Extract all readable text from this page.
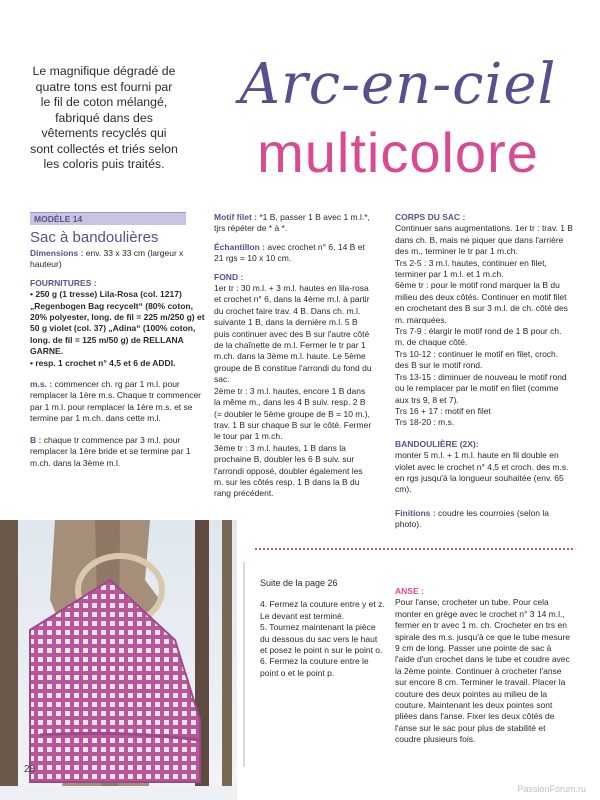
Le magnifique dégradé de quatre tons est fourni par le fil de coton mélangé, fabriqué dans des vêtements recyclés qui sont collectés et triés selon les coloris puis traités.
Arc-en-ciel
multicolore
MODÈLE 14
Sac à bandoulières

Dimensions : env. 33 x 33 cm (largeur x hauteur)

FOURNITURES :

• 250 g (1 tresse) Lila-Rosa (col. 1217) „Regenbogen Bag recycelt“ (80% coton, 20% polyester, long. de fil = 225 m/250 g) et 50 g violet (col. 37) „Adina“ (100% coton, long. de fil = 125 m/50 g) de RELLANA GARNE.

• resp. 1 crochet n° 4,5 et 6 de ADDI.

m.s. : commencer ch. rg par 1 m.l. pour remplacer la 1ère m.s. Chaque tr commencer par 1 m.l. pour remplacer la 1ère m.s. et se termine par 1 m.ch. dans cette m.l.

B : chaque tr commence par 3 m.l. pour remplacer la 1ère bride et se termine par 1 m.ch. dans la 3ème m.l.

Motif filet : *1 B, passer 1 B avec 1 m.l.*, tjrs répéter de * à *.

Échantillon : avec crochet n° 6, 14 B et 21 rgs = 10 x 10 cm.

FOND :

1er tr : 30 m.l. + 3 m.l. hautes en lila-rosa et crochet n° 6, dans la 4ème m.l. à partir du crochet faire trav. 4 B. Dans ch. m.l. suivante 1 B, dans la dernière m.l. 5 B puis continuer avec des B sur l'autre côté de la chaînette de m.l. Fermer le tr par 1 m.ch. dans la 3ème m.l. haute. Le 5ème groupe de B constitue l'arrondi du fond du sac.

2ème tr : 3 m.l. hautes, encore 1 B dans la même m., dans les 4 B suiv. resp. 2 B (= doubler le 5ème groupe de B = 10 m.), trav. 1 B sur chaque B sur le côté. Fermer le tour par 1 m.ch.

3ème tr : 3 m.l. hautes, 1 B dans la prochaine B, doubler les 6 B suiv. sur l'arrondi opposé, doubler également les m. sur les côtés resp. 1 B dans la B du rang précédent.

CORPS DU SAC :

Continuer sans augmentations. 1er tr : trav. 1 B dans ch. B, mais ne piquer que dans l'arrière des m., terminer le tr par 1 m.ch.

Trs 2-5 : 3 m.l. hautes, continuer en filet, terminer par 1 m.l. et 1 m.ch.

6ème tr : pour le motif rond marquer la B du milieu des deux côtés. Continuer en motif filet en crochetant des B sur 3 m.l. de ch. côté des m. marquées.

Trs 7-9 : élargir le motif rond de 1 B pour ch. m. de chaque côté.

Trs 10-12 : continuer le motif en filet, croch. des B sur le motif rond.

Trs 13-15 : diminuer de nouveau le motif rond ou le remplacer par le motif en filet (comme aux trs 9, 8 et 7).

Trs 16 + 17 : motif en filet

Trs 18-20 : m.s.

BANDOULIÈRE (2X):

monter 5 m.l. + 1 m.l. haute en fil double en violet avec le crochet n° 4,5 et croch. des m.s. en rgs jusqu'à la longueur souhaitée (env. 65 cm).

Finitions : coudre les courroies (selon la photo).

Suite de la page 26

4. Fermez la couture entre y et z. Le devant est terminé.

5. Tournez maintenant la pièce du dessous du sac vers le haut et posez le point n sur le point o.

6. Fermez la couture entre le point o et le point p.

ANSE :

Pour l'anse, crocheter un tube. Pour cela monter en grège avec le crochet n° 3 14 m.l., fermer en tr avec 1 m. ch. Crocheter en trs en spirale des m.s. jusqu'à ce que le tube mesure 9 cm de long. Passer une pointe de sac à l'aide d'un crochet dans le tube et coudre avec la 2ème pointe. Continuer à crocheter l'anse sur encore 8 cm. Terminer le travail. Placer la couture des deux pointes au milieu de la couture. Maintenant les deux pointes sont pliées dans l'anse. Fixer les deux côtés de l'anse sur le sac pour plus de stabilité et coudre plusieurs fois.

28
PassionForum.ru
